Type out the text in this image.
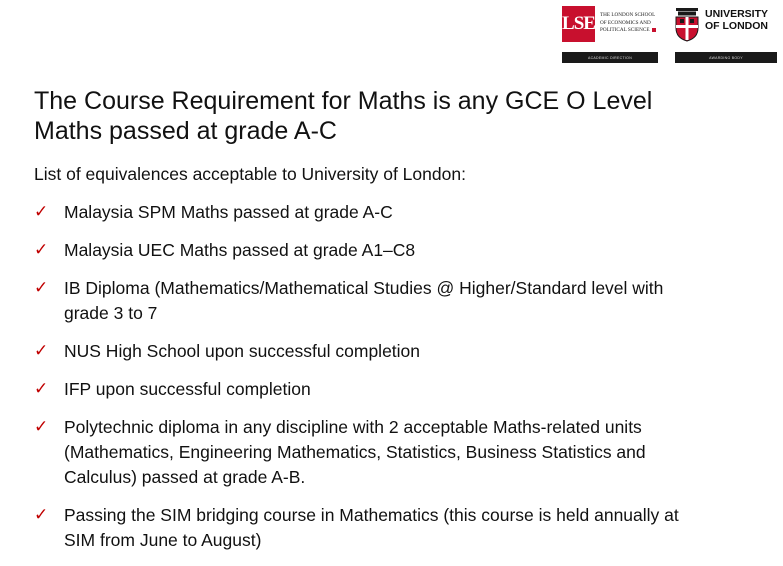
LSE THE LONDON SCHOOL
OF ECONOMICS AND
POLITICAL SCIENCE
ACADEMIC DIRECTION
UNIVERSITY
OF LONDON
AWARDING BODY
The Course Requirement for Maths is any GCE O Level
Maths passed at grade A-C
List of equivalences acceptable to University of London:
✓ Malaysia SPM Maths passed at grade A-C
✓ Malaysia UEC Maths passed at grade A1–C8
✓ IB Diploma (Mathematics/Mathematical Studies @ Higher/Standard level with
grade 3 to 7
✓ NUS High School upon successful completion
✓ IFP upon successful completion
✓ Polytechnic diploma in any discipline with 2 acceptable Maths-related units
(Mathematics, Engineering Mathematics, Statistics, Business Statistics and
Calculus) passed at grade A-B.
✓ Passing the SIM bridging course in Mathematics (this course is held annually at
SIM from June to August)
